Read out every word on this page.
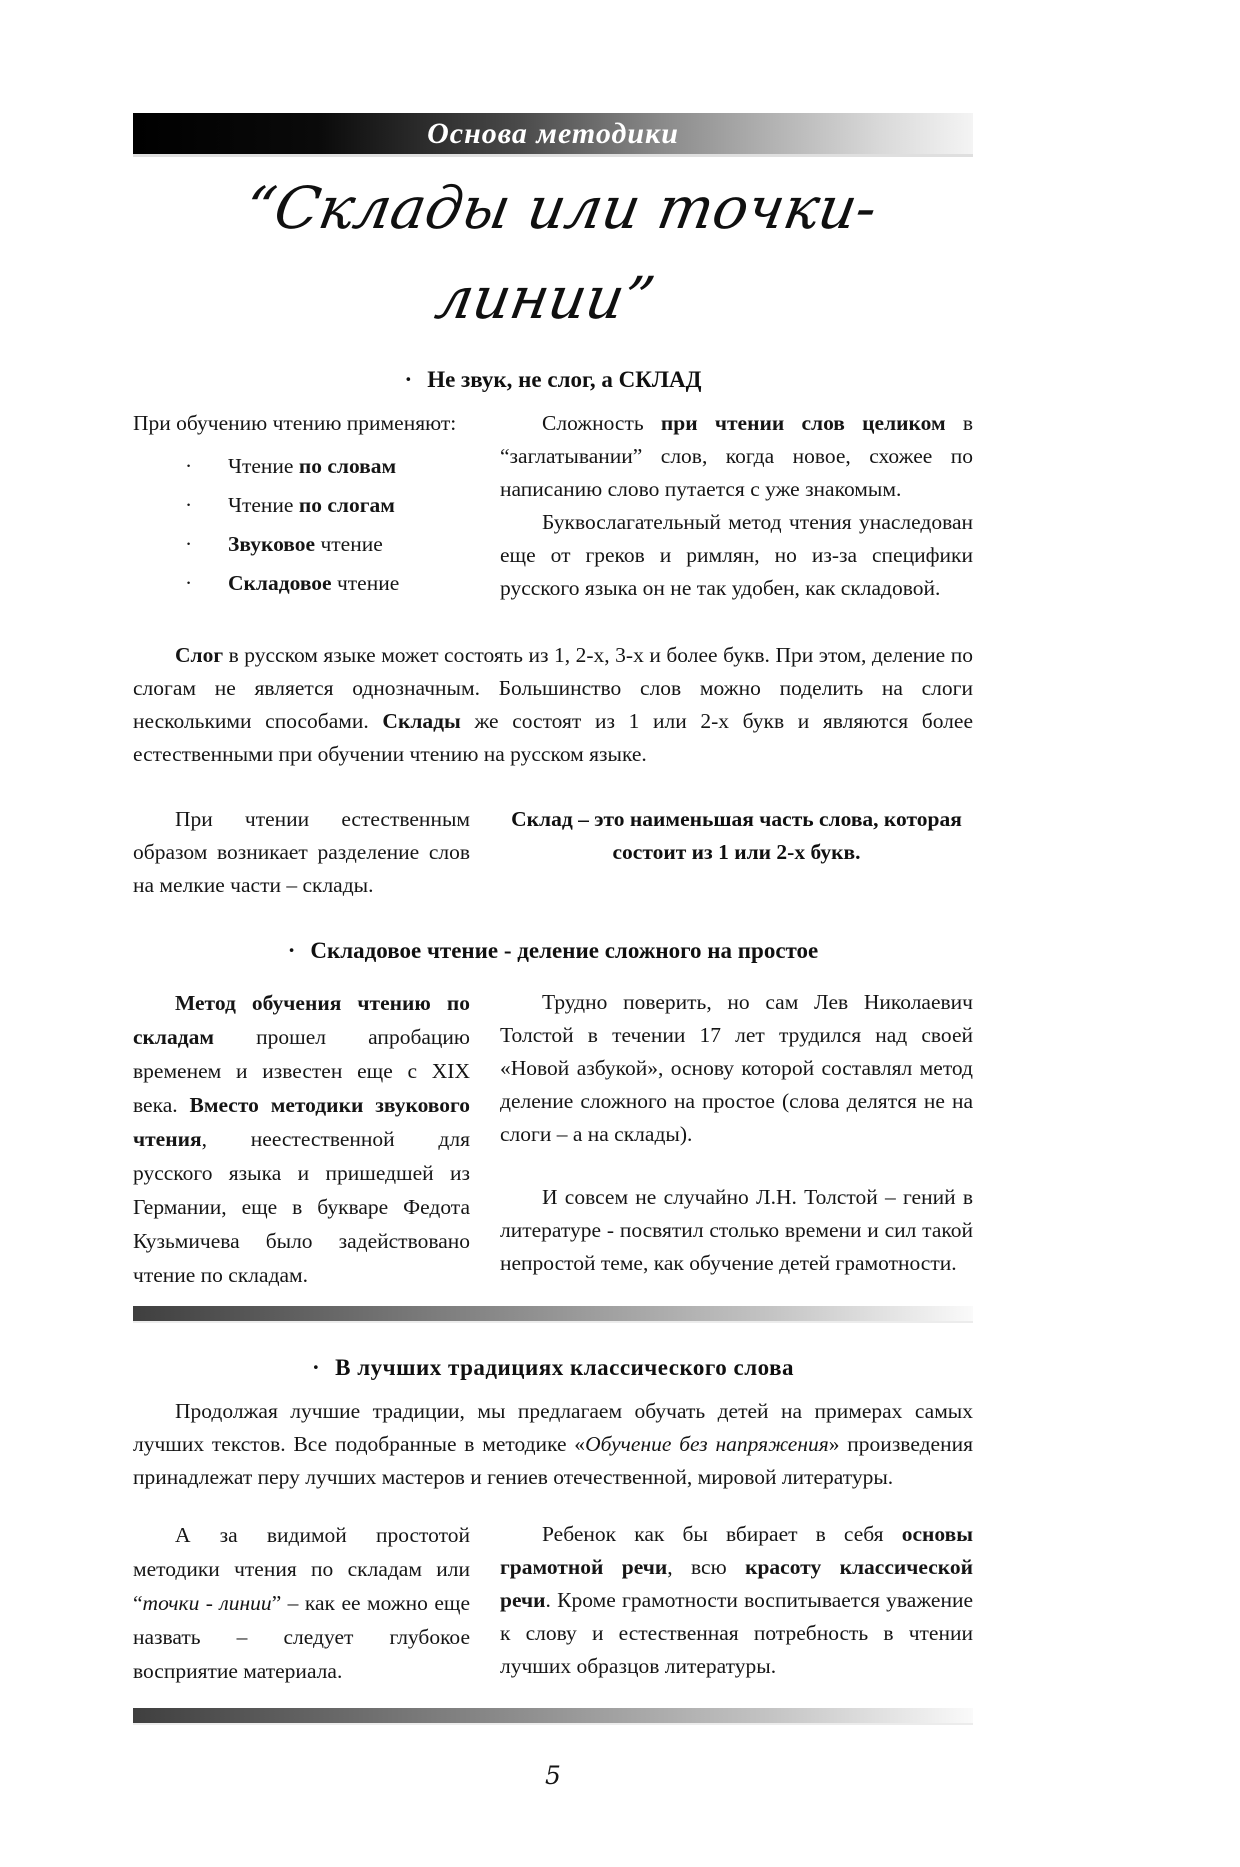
Основа методики
“Склады или точки-линии”
· Не звук, не слог, а СКЛАД

При обучению чтению применяют:

·	Чтение по словам
·	Чтение по слогам
·	Звуковое чтение
·	Складовое чтение

Сложность при чтении слов целиком в “заглатывании” слов, когда новое, схожее по написанию слово путается с уже знакомым.

Буквослагательный метод чтения унаследован еще от греков и римлян, но из-за специфики русского языка он не так удобен, как складовой.

Слог в русском языке может состоять из 1, 2-х, 3-х и более букв. При этом, деление по слогам не является однозначным. Большинство слов можно поделить на слоги несколькими способами. Склады же состоят из 1 или 2-х букв и являются более естественными при обучении чтению на русском языке.

При чтении естественным образом возникает разделение слов на мелкие части – склады.

Склад – это наименьшая часть слова, которая состоит из 1 или 2-х букв.

· Складовое чтение - деление сложного на простое

Метод обучения чтению по складам прошел апробацию временем и известен еще с XIX века. Вместо методики звукового чтения, неестественной для русского языка и пришедшей из Германии, еще в букваре Федота Кузьмичева было задействовано чтение по складам.

Трудно поверить, но сам Лев Николаевич Толстой в течении 17 лет трудился над своей «Новой азбукой», основу которой составлял метод деление сложного на простое (слова делятся не на слоги – а на склады).

И совсем не случайно Л.Н. Толстой – гений в литературе - посвятил столько времени и сил такой непростой теме, как обучение детей грамотности.

· В лучших традициях классического слова

Продолжая лучшие традиции, мы предлагаем обучать детей на примерах самых лучших текстов. Все подобранные в методике «Обучение без напряжения» произведения принадлежат перу лучших мастеров и гениев отечественной, мировой литературы.

А за видимой простотой методики чтения по складам или “точки - линии” – как ее можно еще назвать – следует глубокое восприятие материала.

Ребенок как бы вбирает в себя основы грамотной речи, всю красоту классической речи. Кроме грамотности воспитывается уважение к слову и естественная потребность в чтении лучших образцов литературы.

5
